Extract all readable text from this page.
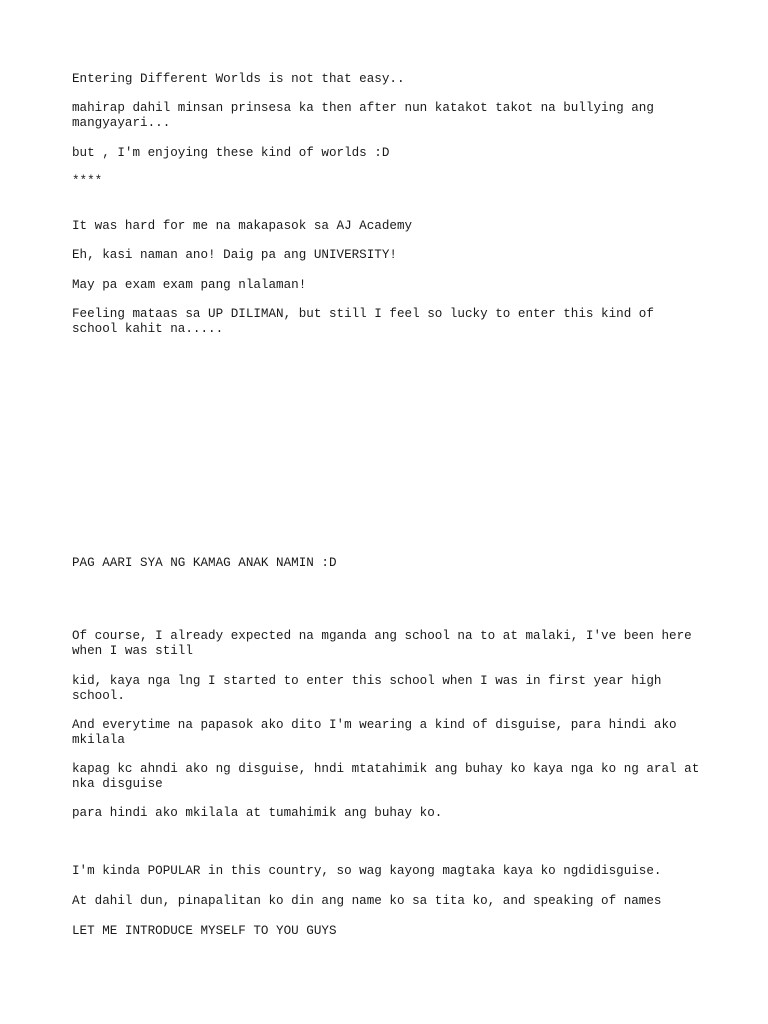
Entering Different Worlds is not that easy..

mahirap dahil minsan prinsesa ka then after nun katakot takot na bullying ang mangyayari...

but , I'm enjoying these kind of worlds :D

****

It was hard for me na makapasok sa AJ Academy

Eh, kasi naman ano! Daig pa ang UNIVERSITY!

May pa exam exam pang nlalaman!

Feeling mataas sa UP DILIMAN, but still I feel so lucky to enter this kind of school kahit na.....

PAG AARI SYA NG KAMAG ANAK NAMIN :D

Of course, I already expected na mganda ang school na to at malaki, I've been here when I was still

kid, kaya nga lng I started to enter this school when I was in first year high school.

And everytime na papasok ako dito I'm wearing a kind of disguise, para hindi ako mkilala

kapag kc ahndi ako ng disguise, hndi mtatahimik ang buhay ko kaya nga ko ng aral at nka disguise

para hindi ako mkilala at tumahimik ang buhay ko.

I'm kinda POPULAR in this country, so wag kayong magtaka kaya ko ngdidisguise.

At dahil dun, pinapalitan ko din ang name ko sa tita ko, and speaking of names

LET ME INTRODUCE MYSELF TO YOU GUYS
